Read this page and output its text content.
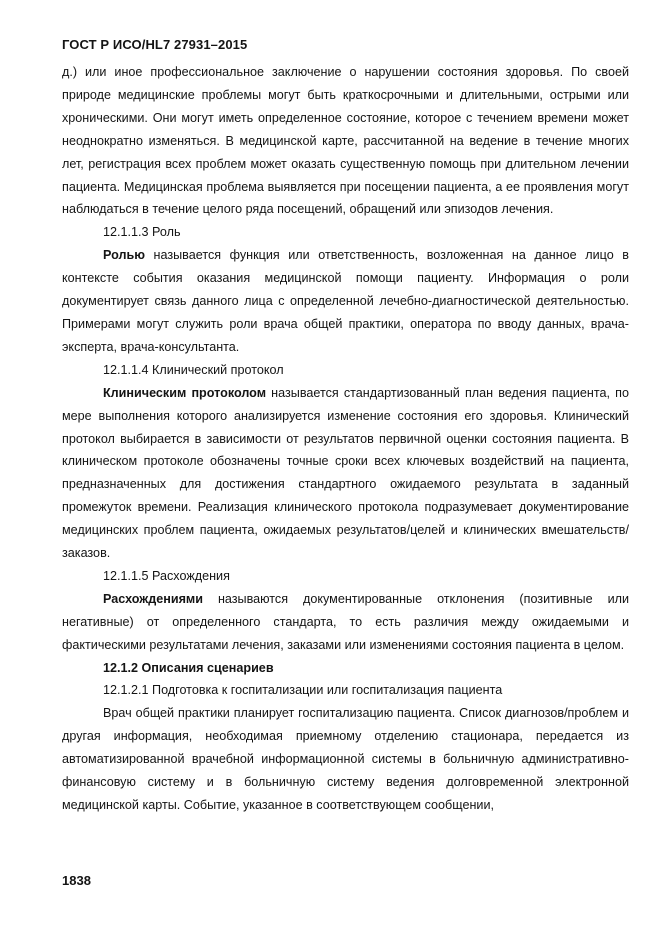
ГОСТ Р ИСО/HL7 27931–2015

д.) или иное профессиональное заключение о нарушении состояния здоровья. По своей природе медицинские проблемы могут быть краткосрочными и длительными, острыми или хроническими. Они могут иметь определенное состояние, которое с течением времени может неоднократно изменяться. В медицинской карте, рассчитанной на ведение в течение многих лет, регистрация всех проблем может оказать существенную помощь при длительном лечении пациента. Медицинская проблема выявляется при посещении пациента, а ее проявления могут наблюдаться в течение целого ряда посещений, обращений или эпизодов лечения.

12.1.1.3 Роль

Ролью называется функция или ответственность, возложенная на данное лицо в контексте события оказания медицинской помощи пациенту. Информация о роли документирует связь данного лица с определенной лечебно-диагностической деятельностью. Примерами могут служить роли врача общей практики, оператора по вводу данных, врача-эксперта, врача-консультанта.

12.1.1.4 Клинический протокол

Клиническим протоколом называется стандартизованный план ведения пациента, по мере выполнения которого анализируется изменение состояния его здоровья. Клинический протокол выбирается в зависимости от результатов первичной оценки состояния пациента. В клиническом протоколе обозначены точные сроки всех ключевых воздействий на пациента, предназначенных для достижения стандартного ожидаемого результата в заданный промежуток времени. Реализация клинического протокола подразумевает документирование медицинских проблем пациента, ожидаемых результатов/целей и клинических вмешательств/заказов.

12.1.1.5 Расхождения

Расхождениями называются документированные отклонения (позитивные или негативные) от определенного стандарта, то есть различия между ожидаемыми и фактическими результатами лечения, заказами или изменениями состояния пациента в целом.

12.1.2 Описания сценариев

12.1.2.1 Подготовка к госпитализации или госпитализация пациента

Врач общей практики планирует госпитализацию пациента. Список диагнозов/проблем и другая информация, необходимая приемному отделению стационара, передается из автоматизированной врачебной информационной системы в больничную административно-финансовую систему и в больничную систему ведения долговременной электронной медицинской карты. Событие, указанное в соответствующем сообщении,

1838
